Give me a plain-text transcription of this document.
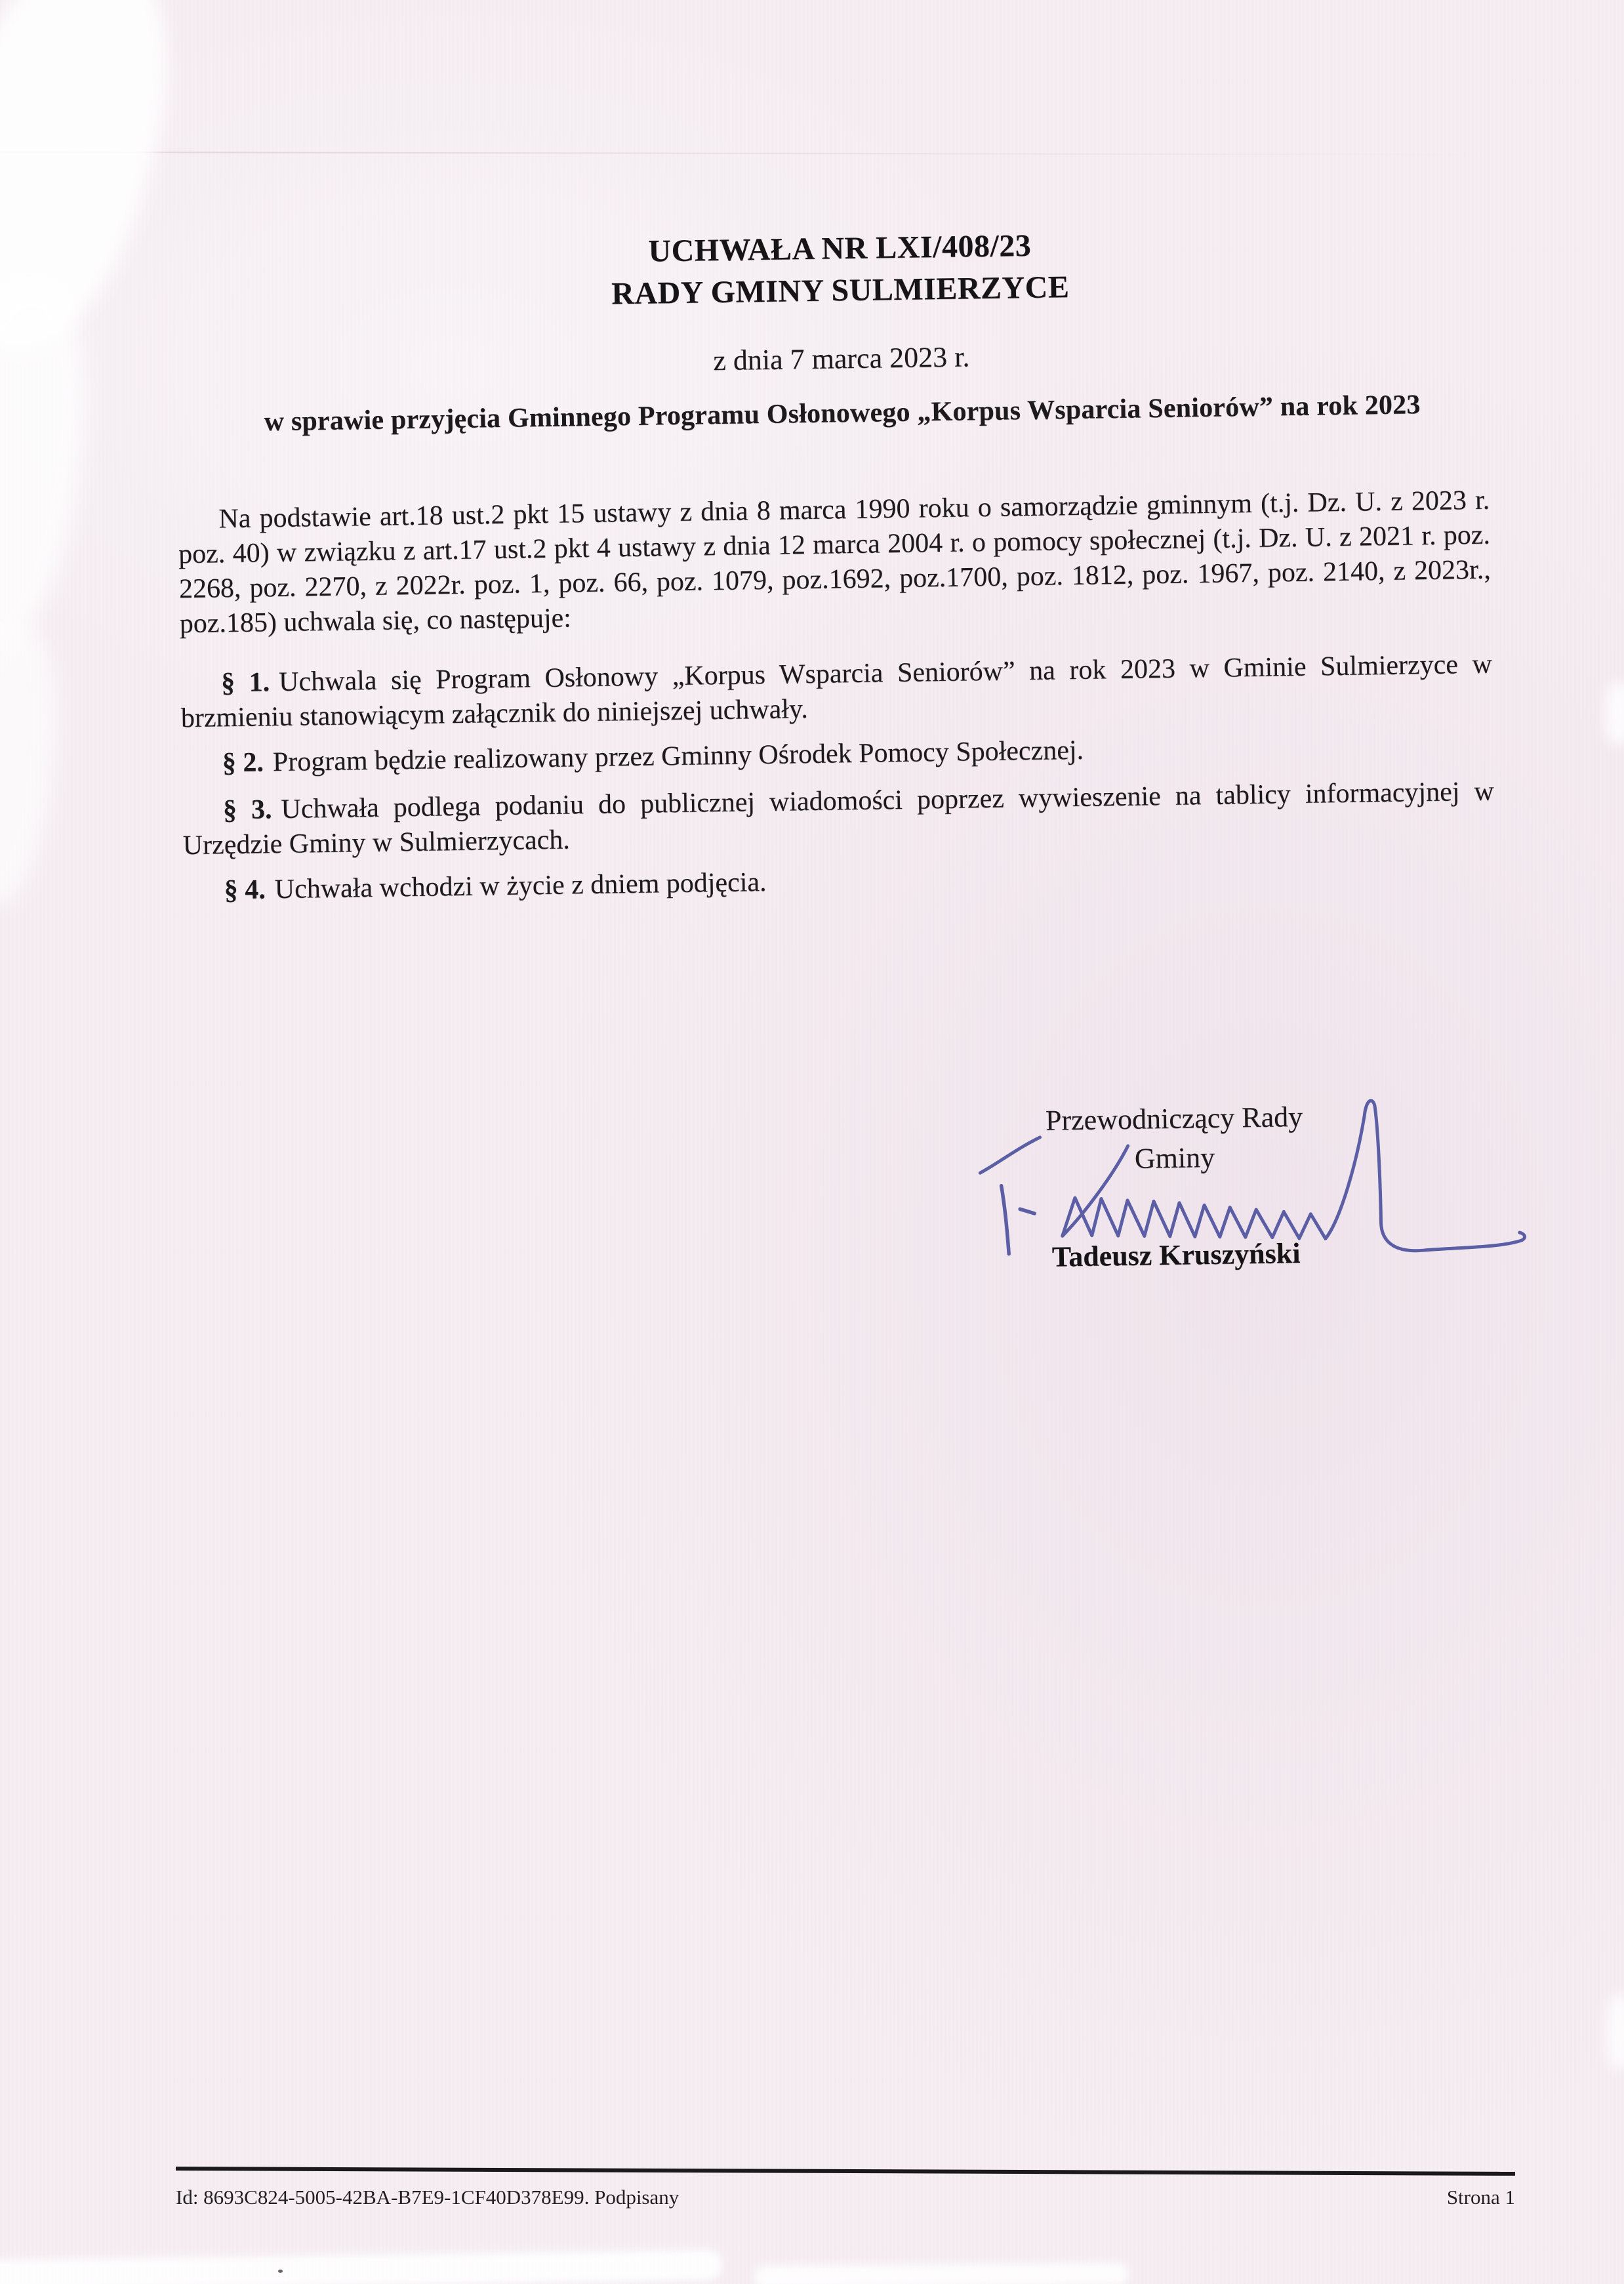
UCHWAŁA NR LXI/408/23
RADY GMINY SULMIERZYCE
z dnia 7 marca 2023 r.
w sprawie przyjęcia Gminnego Programu Osłonowego „Korpus Wsparcia Seniorów” na rok 2023

Na podstawie art.18 ust.2 pkt 15 ustawy z dnia 8 marca 1990 roku o samorządzie gminnym (t.j. Dz. U. z 2023 r. poz. 40) w związku z art.17 ust.2 pkt 4 ustawy z dnia 12 marca 2004 r. o pomocy społecznej (t.j. Dz. U. z 2021 r. poz. 2268, poz. 2270, z 2022r. poz. 1, poz. 66, poz. 1079, poz.1692, poz.1700, poz. 1812, poz. 1967, poz. 2140, z 2023r., poz.185) uchwala się, co następuje:

§ 1. Uchwala się Program Osłonowy „Korpus Wsparcia Seniorów” na rok 2023 w Gminie Sulmierzyce w brzmieniu stanowiącym załącznik do niniejszej uchwały.

§ 2. Program będzie realizowany przez Gminny Ośrodek Pomocy Społecznej.

§ 3. Uchwała podlega podaniu do publicznej wiadomości poprzez wywieszenie na tablicy informacyjnej w Urzędzie Gminy w Sulmierzycach.

§ 4. Uchwała wchodzi w życie z dniem podjęcia.

Przewodniczący Rady
Gminy
Tadeusz Kruszyński
Id: 8693C824-5005-42BA-B7E9-1CF40D378E99. Podpisany	Strona 1
